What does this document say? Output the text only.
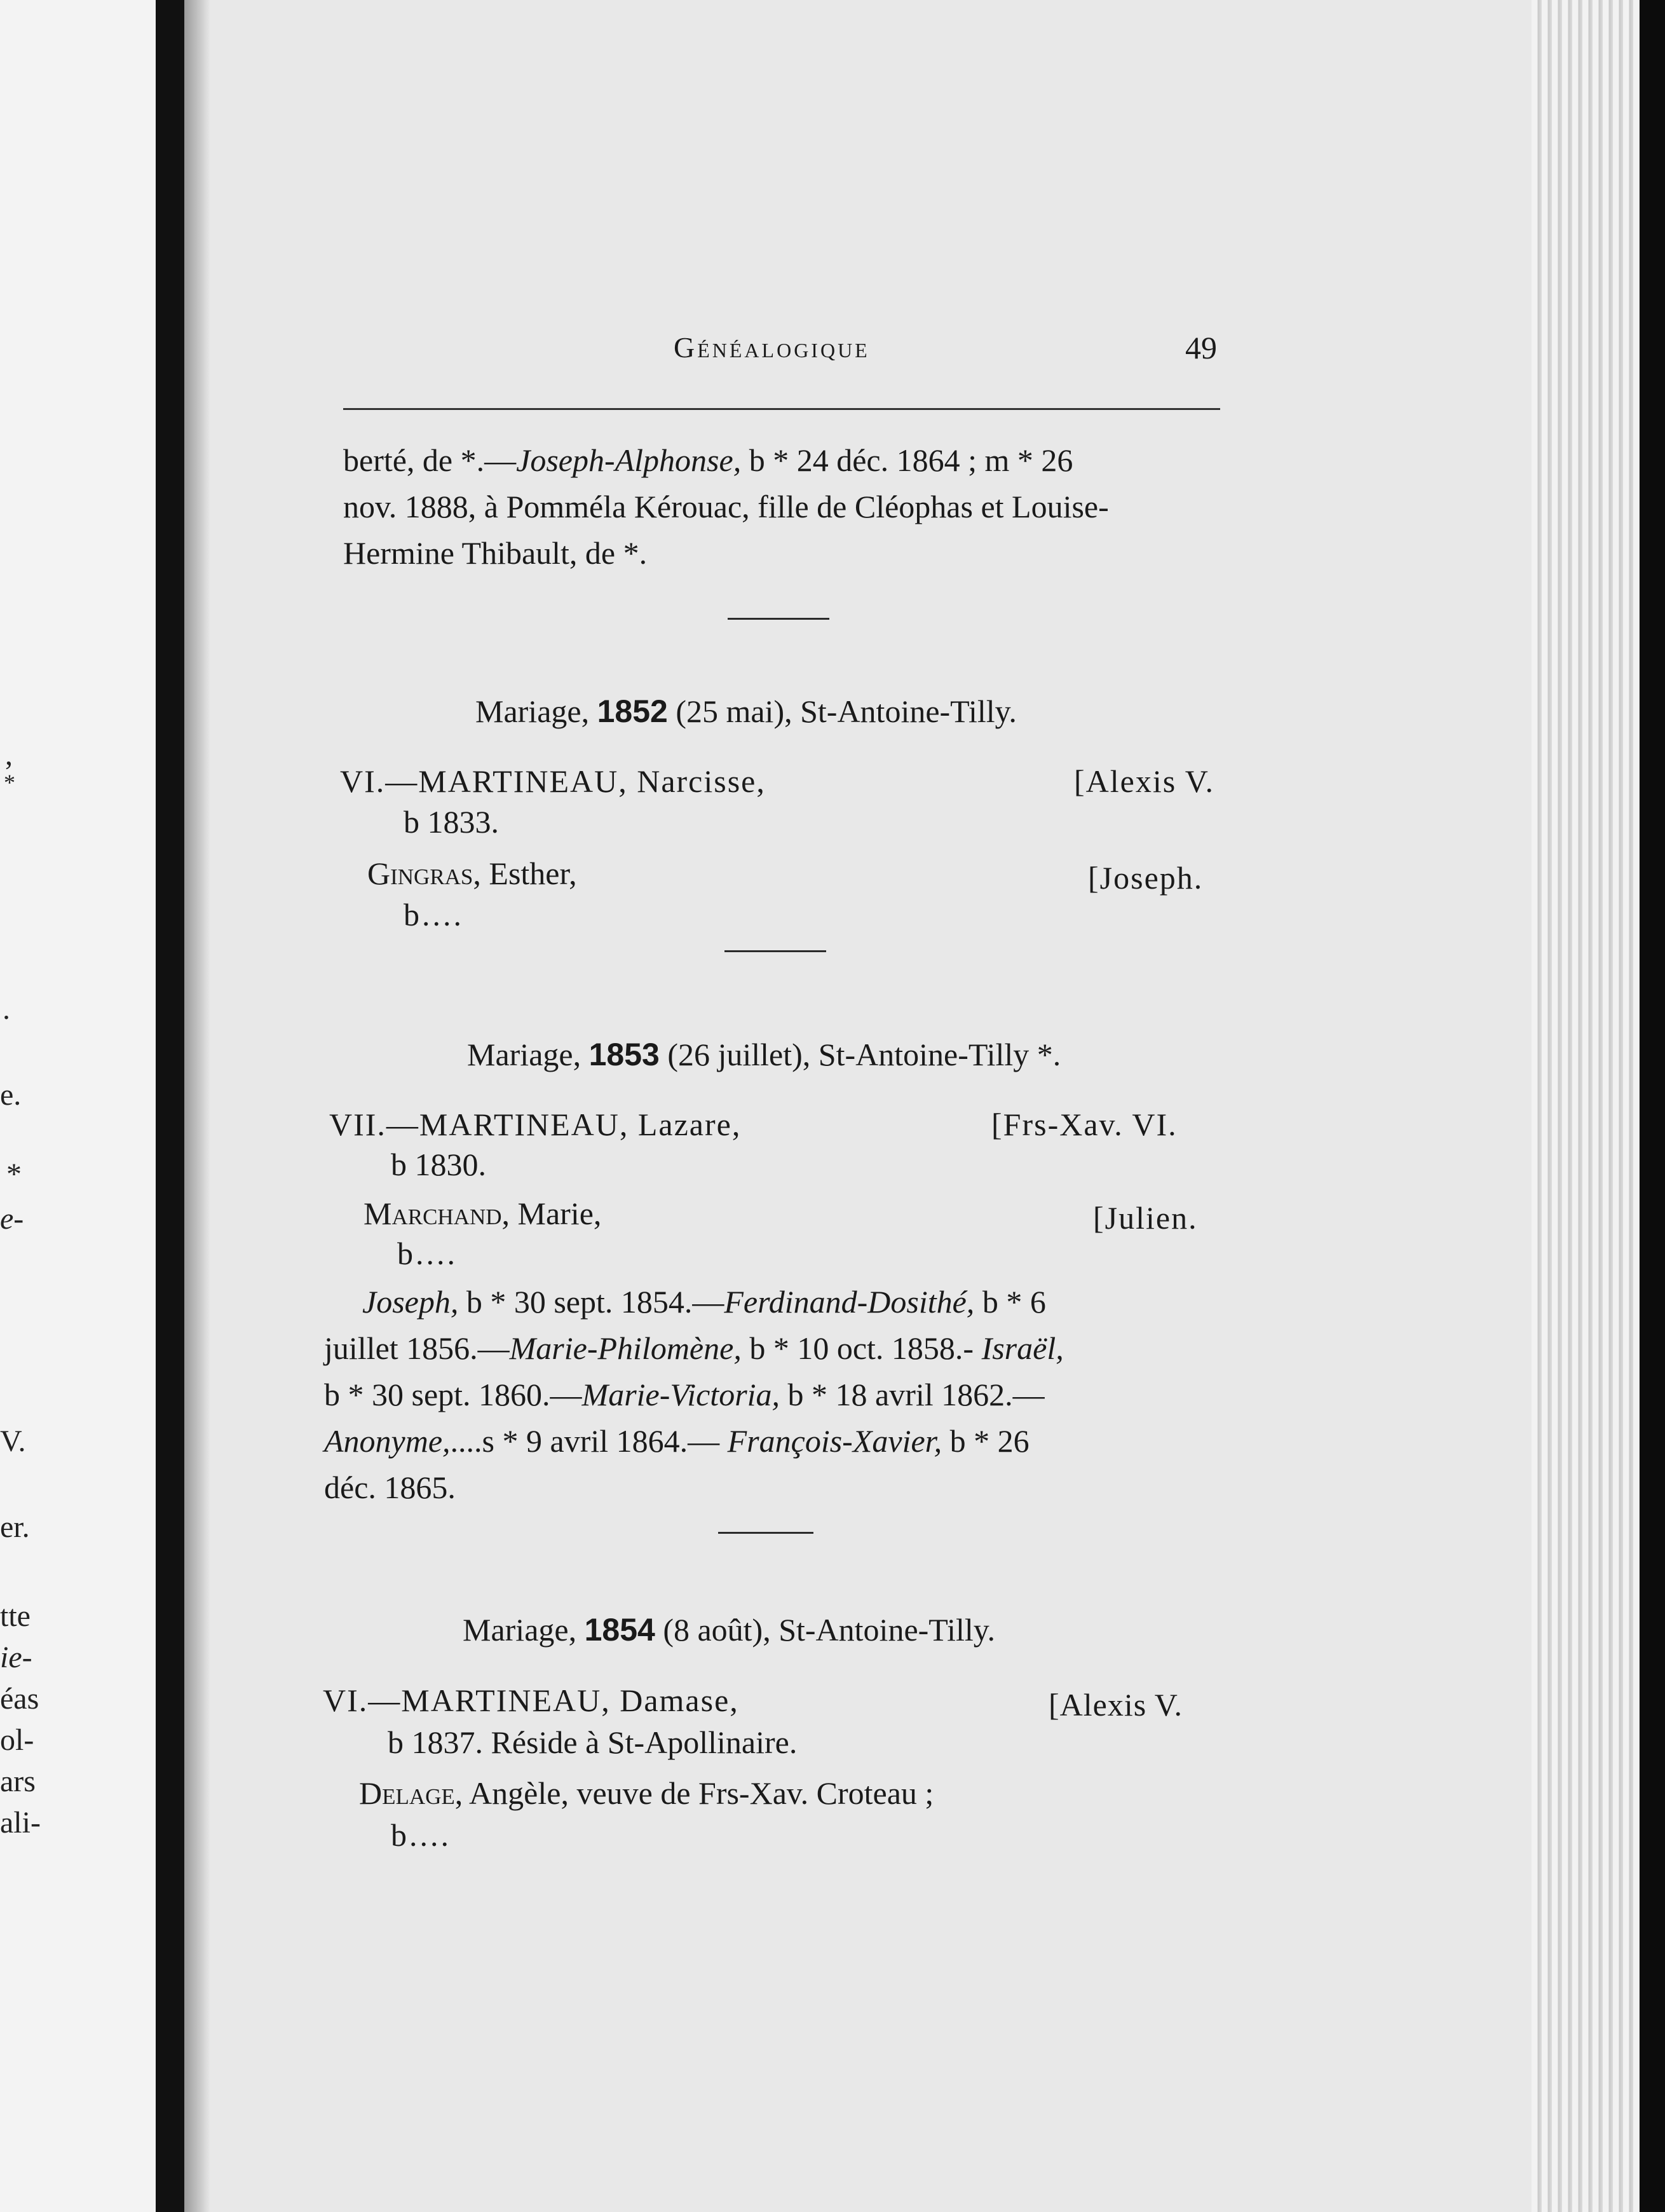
,
*
.
e.
*
e-
V.
er.
tte
ie-
éas
ol-
ars
ali-
Généalogique	49
berté, de *.—Joseph-Alphonse, b * 24 déc. 1864 ; m * 26
nov. 1888, à Pomméla Kérouac, fille de Cléophas et Louise-
Hermine Thibault, de *.
Mariage, 1852 (25 mai), St-Antoine-Tilly.
VI.—MARTINEAU, Narcisse,	[Alexis V.
b 1833.
Gingras, Esther,	[Joseph.
b....
Mariage, 1853 (26 juillet), St-Antoine-Tilly *.
VII.—MARTINEAU, Lazare,	[Frs-Xav. VI.
b 1830.
Marchand, Marie,	[Julien.
b....
Joseph, b * 30 sept. 1854.—Ferdinand-Dosithé, b * 6
juillet 1856.—Marie-Philomène, b * 10 oct. 1858.- Israël,
b * 30 sept. 1860.—Marie-Victoria, b * 18 avril 1862.—
Anonyme,....s * 9 avril 1864.— François-Xavier, b * 26
déc. 1865.
Mariage, 1854 (8 août), St-Antoine-Tilly.
VI.—MARTINEAU, Damase,	[Alexis V.
b 1837. Réside à St-Apollinaire.
Delage, Angèle, veuve de Frs-Xav. Croteau ;
b....
